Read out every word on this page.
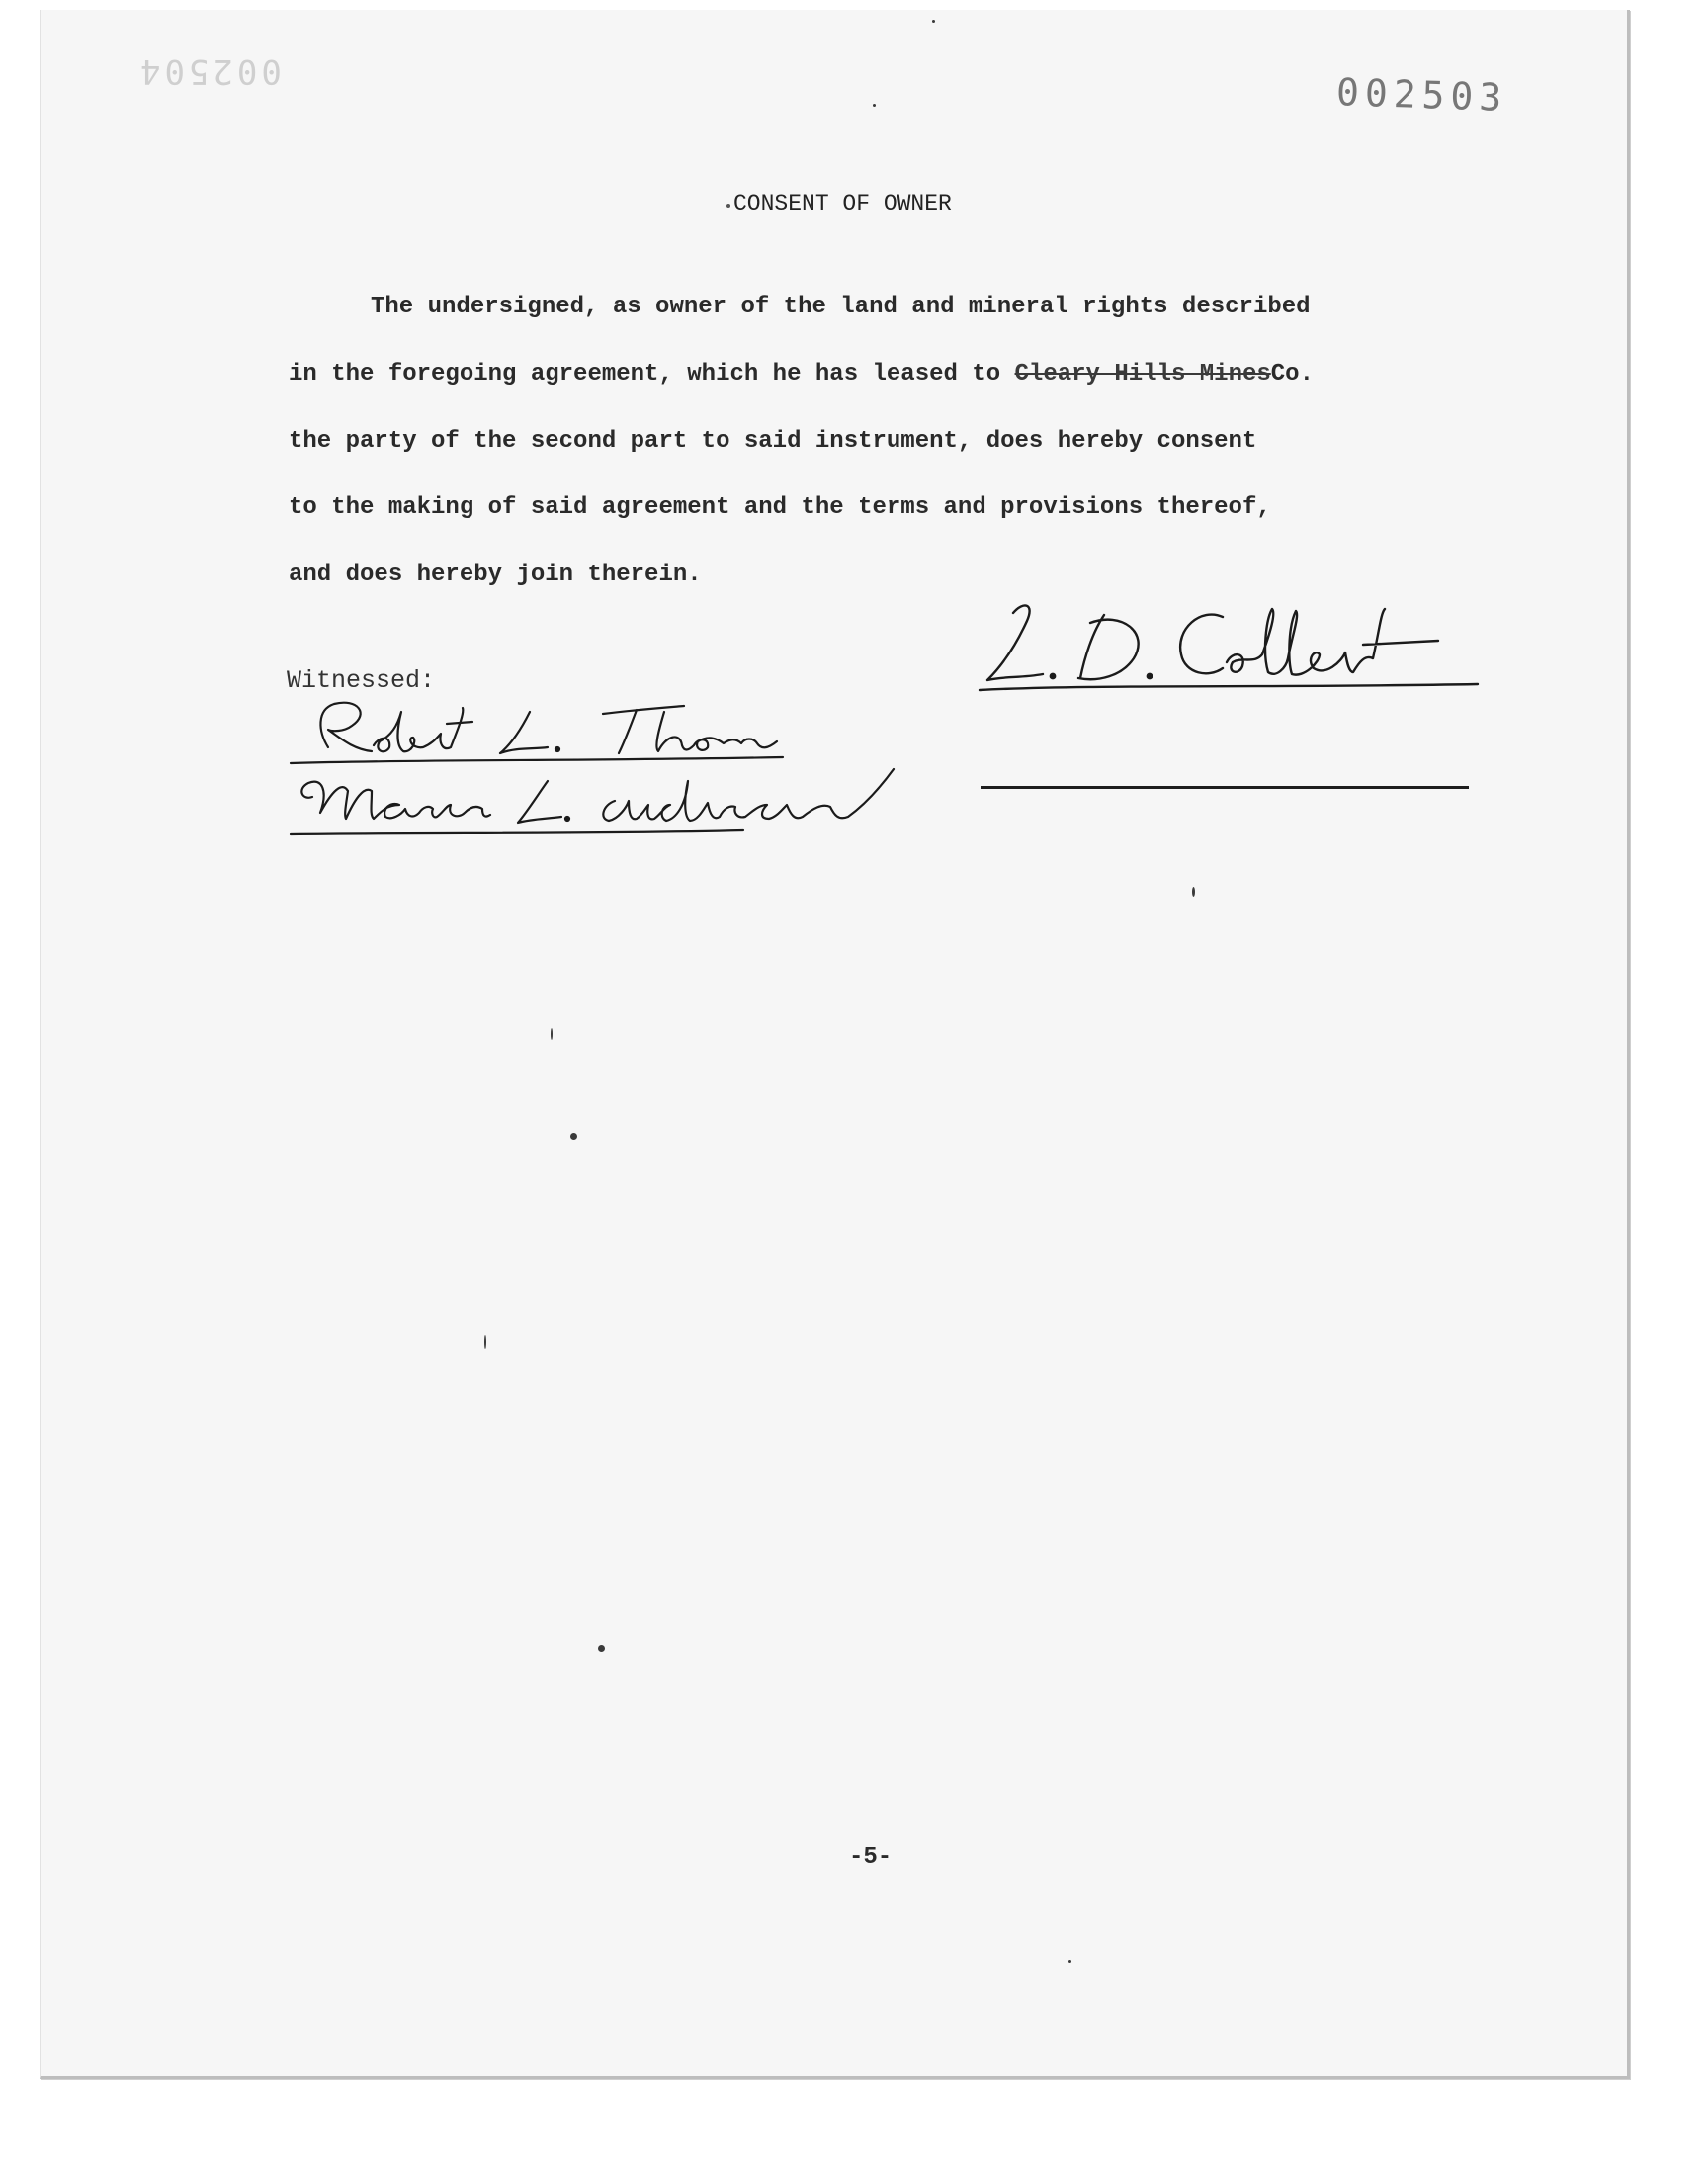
002504	002503
CONSENT OF OWNER
The undersigned, as owner of the land and mineral rights described
in the foregoing agreement, which he has leased to Cleary Hills MinesCo.
the party of the second part to said instrument, does hereby consent
to the making of said agreement and the terms and provisions thereof,
and does hereby join therein.
Witnessed:
-5-
